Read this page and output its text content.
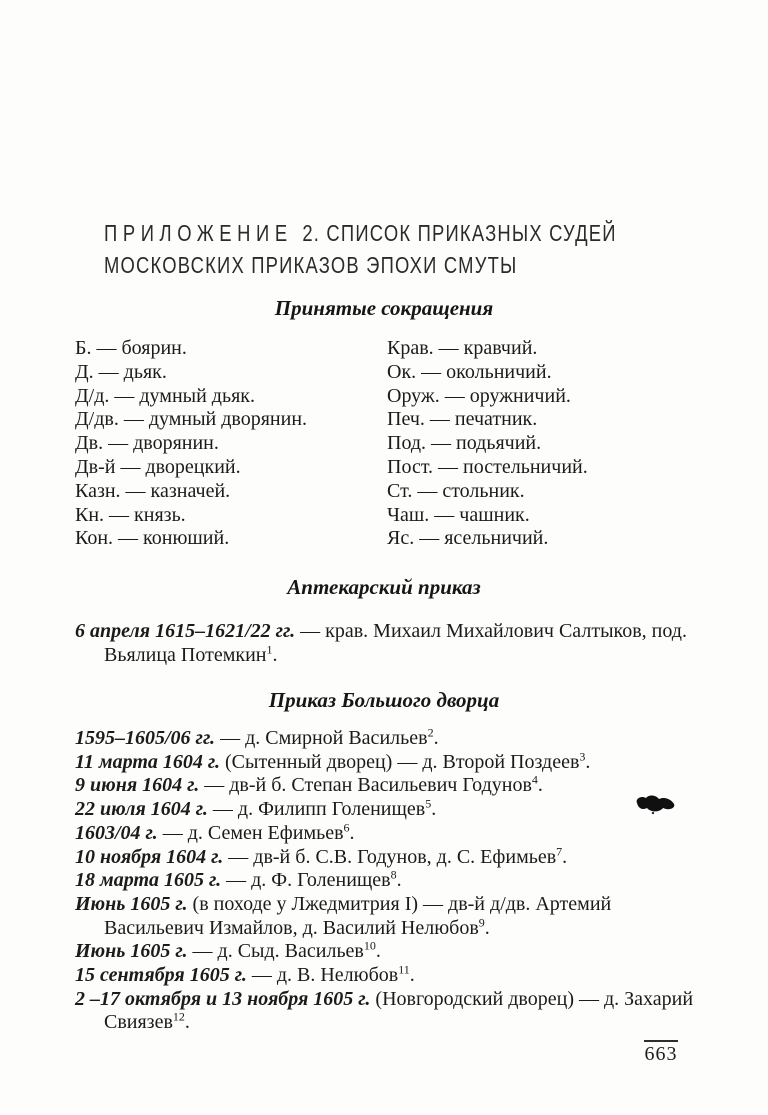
ПРИЛОЖЕНИЕ 2. СПИСОК ПРИКАЗНЫХ СУДЕЙ
МОСКОВСКИХ ПРИКАЗОВ ЭПОХИ СМУТЫ
Принятые сокращения
Б. — боярин.	Крав. — кравчий.
Д. — дьяк.	Ок. — окольничий.
Д/д. — думный дьяк.	Оруж. — оружничий.
Д/дв. — думный дворянин.	Печ. — печатник.
Дв. — дворянин.	Под. — подьячий.
Дв-й — дворецкий.	Пост. — постельничий.
Казн. — казначей.	Ст. — стольник.
Кн. — князь.	Чаш. — чашник.
Кон. — конюший.	Яс. — ясельничий.
Аптекарский приказ

6 апреля 1615–1621/22 гг. — крав. Михаил Михайлович Салтыков, под. Вьялица Потемкин$^1$.

Приказ Большого дворца

1595–1605/06 гг. — д. Смирной Васильев$^2$.

11 марта 1604 г. (Сытенный дворец) — д. Второй Поздеев$^3$.

9 июня 1604 г. — дв-й б. Степан Васильевич Годунов$^4$.

22 июля 1604 г. — д. Филипп Голенищев$^5$.

1603/04 г. — д. Семен Ефимьев$^6$.

10 ноября 1604 г. — дв-й б. С.В. Годунов, д. С. Ефимьев$^7$.

18 марта 1605 г. — д. Ф. Голенищев$^8$.

Июнь 1605 г. (в походе у Лжедмитрия I) — дв-й д/дв. Артемий Васильевич Измайлов, д. Василий Нелюбов$^9$.

Июнь 1605 г. — д. Сыд. Васильев$^{10}$.

15 сентября 1605 г. — д. В. Нелюбов$^{11}$.

2 –17 октября и 13 ноября 1605 г. (Новгородский дворец) — д. Захарий Свиязев$^{12}$.

663
